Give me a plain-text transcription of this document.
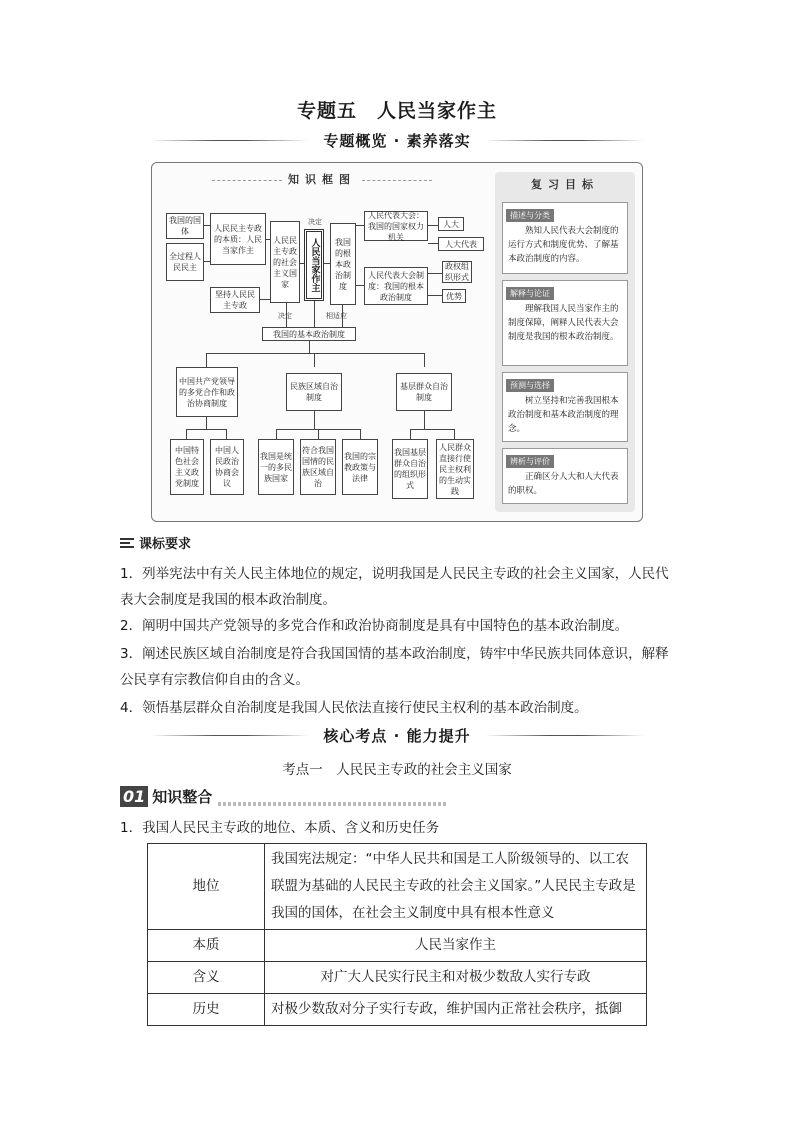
专题五　人民当家作主
专题概览 · 素养落实
知识框图
我国的国体
全过程人民民主
人民民主专政的本质：人民当家作主
坚持人民民主专政
人民民主专政的社会主义国家	人民当家作主	我国的根本政治制度
人民代表大会：我国的国家权力机关
人民代表大会制度：我国的根本政治制度
人大
人大代表
政权组织形式
优势
决定
决定	相适应
我国的基本政治制度
中国共产党领导的多党合作和政治协商制度
民族区域自治制度
基层群众自治制度
中国特色社会主义政党制度
中国人民政治协商会议
我国是统一的多民族国家
符合我国国情的民族区域自治
我国的宗教政策与法律
我国基层群众自治的组织形式
人民群众直接行使民主权利的生动实践
复习目标
描述与分类
熟知人民代表大会制度的运行方式和制度优势、了解基本政治制度的内容。
解释与论证
理解我国人民当家作主的制度保障，阐释人民代表大会制度是我国的根本政治制度。
预测与选择
树立坚持和完善我国根本政治制度和基本政治制度的理念。
辨析与评价
正确区分人大和人大代表的职权。
课标要求
1．列举宪法中有关人民主体地位的规定，说明我国是人民民主专政的社会主义国家，人民代表大会制度是我国的根本政治制度。
2．阐明中国共产党领导的多党合作和政治协商制度是具有中国特色的基本政治制度。
3．阐述民族区域自治制度是符合我国国情的基本政治制度，铸牢中华民族共同体意识，解释公民享有宗教信仰自由的含义。
4．领悟基层群众自治制度是我国人民依法直接行使民主权利的基本政治制度。
核心考点 · 能力提升
考点一　人民民主专政的社会主义国家
01 知识整合
1．我国人民民主专政的地位、本质、含义和历史任务
地位	我国宪法规定：“中华人民共和国是工人阶级领导的、以工农联盟为基础的人民民主专政的社会主义国家。”人民民主专政是我国的国体，在社会主义制度中具有根本性意义
本质	人民当家作主
含义	对广大人民实行民主和对极少数敌人实行专政
历史	对极少数敌对分子实行专政，维护国内正常社会秩序，抵御
